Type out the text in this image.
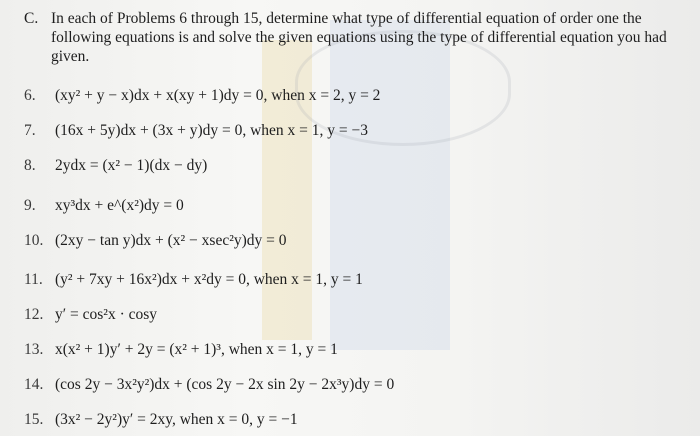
C. In each of Problems 6 through 15, determine what type of differential equation of order one the following equations is and solve the given equations using the type of differential equation you had given.
6. (xy² + y − x)dx + x(xy + 1)dy = 0, when x = 2, y = 2
7. (16x + 5y)dx + (3x + y)dy = 0, when x = 1, y = −3
8. 2ydx = (x² − 1)(dx − dy)
9. xy³dx + e^(x²)dy = 0
10. (2xy − tan y)dx + (x² − xsec²y)dy = 0
11. (y² + 7xy + 16x²)dx + x²dy = 0, when x = 1, y = 1
12. y′ = cos²x · cosy
13. x(x² + 1)y′ + 2y = (x² + 1)³, when x = 1, y = 1
14. (cos 2y − 3x²y²)dx + (cos 2y − 2x sin 2y − 2x³y)dy = 0
15. (3x² − 2y²)y′ = 2xy, when x = 0, y = −1
